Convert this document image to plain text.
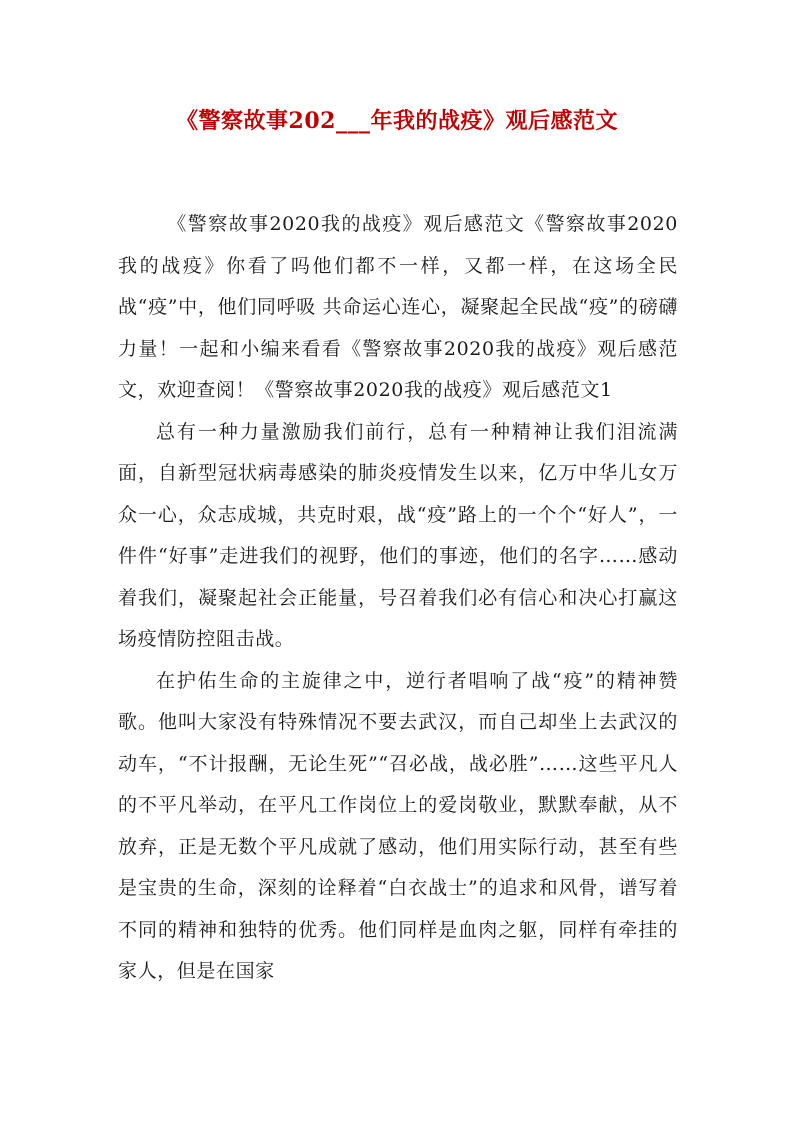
《警察故事202___年我的战疫》观后感范文

《警察故事2020我的战疫》观后感范文《警察故事2020我的战疫》你看了吗他们都不一样，又都一样，在这场全民战“疫”中，他们同呼吸 共命运心连心，凝聚起全民战“疫”的磅礴力量！一起和小编来看看《警察故事2020我的战疫》观后感范文，欢迎查阅！《警察故事2020我的战疫》观后感范文1

总有一种力量激励我们前行，总有一种精神让我们泪流满面，自新型冠状病毒感染的肺炎疫情发生以来，亿万中华儿女万众一心，众志成城，共克时艰，战“疫”路上的一个个“好人”，一件件“好事”走进我们的视野，他们的事迹，他们的名字……感动着我们，凝聚起社会正能量，号召着我们必有信心和决心打赢这场疫情防控阻击战。

在护佑生命的主旋律之中，逆行者唱响了战“疫”的精神赞歌。他叫大家没有特殊情况不要去武汉，而自己却坐上去武汉的动车，“不计报酬，无论生死”“召必战，战必胜”……这些平凡人的不平凡举动，在平凡工作岗位上的爱岗敬业，默默奉献，从不放弃，正是无数个平凡成就了感动，他们用实际行动，甚至有些是宝贵的生命，深刻的诠释着“白衣战士”的追求和风骨，谱写着不同的精神和独特的优秀。他们同样是血肉之躯，同样有牵挂的家人，但是在国家
